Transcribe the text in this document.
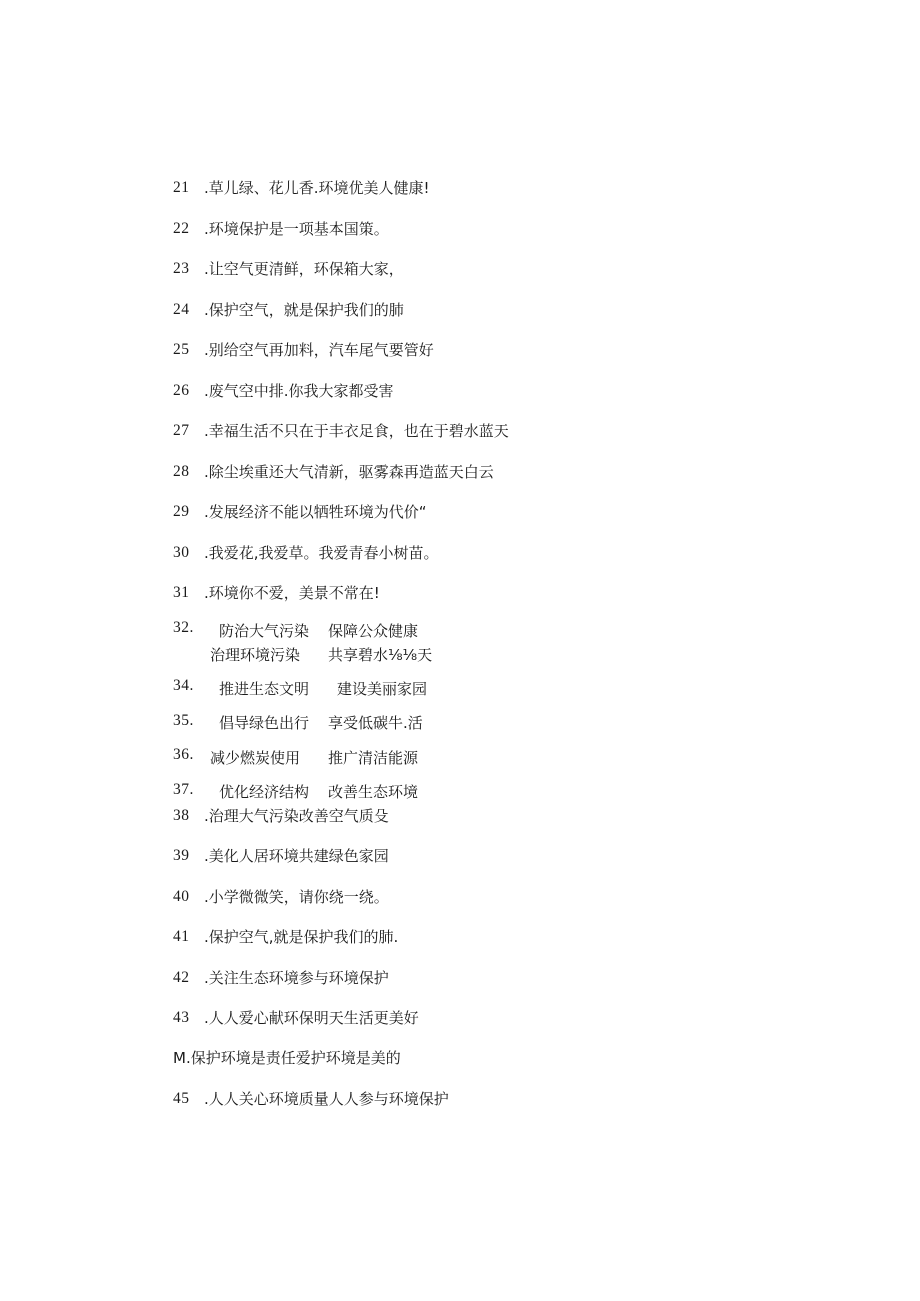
21

.草儿绿、花儿香.环境优美人健康!

22

.环境保护是一项基本国策。

23

.让空气更清鲜，环保箱大家，

24

.保护空气，就是保护我们的肺

25

.别给空气再加料，汽车尾气要管好

26

.废气空中排.你我大家都受害

27

.幸福生活不只在于丰衣足食，也在于碧水蓝天

28

.除尘埃重还大气清新，驱雾森再造蓝天白云

29

.发展经济不能以牺牲环境为代价“

30

.我爱花,我爱草。我爱青春小树苗。

31

.环境你不爱，美景不常在!

32.

防治大气污染

保障公众健康

治理环境污染

共享碧水⅛⅛天

34.

推进生态文明

建设美丽家园

35.

倡导绿色出行

享受低碳牛.活

36.

减少燃炭使用

推广清洁能源

37.

优化经济结构

改善生态环境

38

.治理大气污染改善空气质殳

39

.美化人居环境共建绿色家园

40

.小学微微笑，请你绕一绕。

41

.保护空气,就是保护我们的肺.

42

.关注生态环境参与环境保护

43

.人人爱心献环保明天生活更美好

M.保护环境是责任爱护环境是美的

45

.人人关心环境质量人人参与环境保护
